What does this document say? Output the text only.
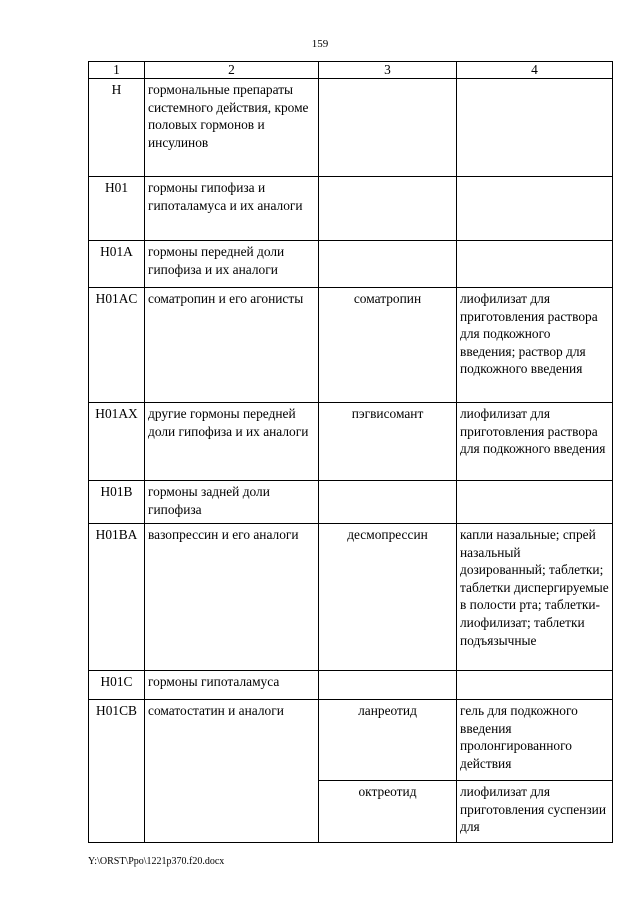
159
1	2	3	4
H	гормональные препараты системного действия, кроме половых гормонов и инсулинов		
H01	гормоны гипофиза и гипоталамуса и их аналоги		
H01A	гормоны передней доли гипофиза и их аналоги		
H01AC	соматропин и его агонисты	соматропин	лиофилизат для приготовления раствора для подкожного введения; раствор для подкожного введения
H01AX	другие гормоны передней доли гипофиза и их аналоги	пэгвисомант	лиофилизат для приготовления раствора для подкожного введения
H01B	гормоны задней доли гипофиза		
H01BA	вазопрессин и его аналоги	десмопрессин	капли назальные; спрей назальный дозированный; таблетки; таблетки диспергируемые в полости рта; таблетки-лиофилизат; таблетки подъязычные
H01C	гормоны гипоталамуса		
H01CB	соматостатин и аналоги	ланреотид	гель для подкожного введения пролонгированного действия
		октреотид	лиофилизат для приготовления суспензии для
Y:\ORST\Ppo\1221p370.f20.docx
